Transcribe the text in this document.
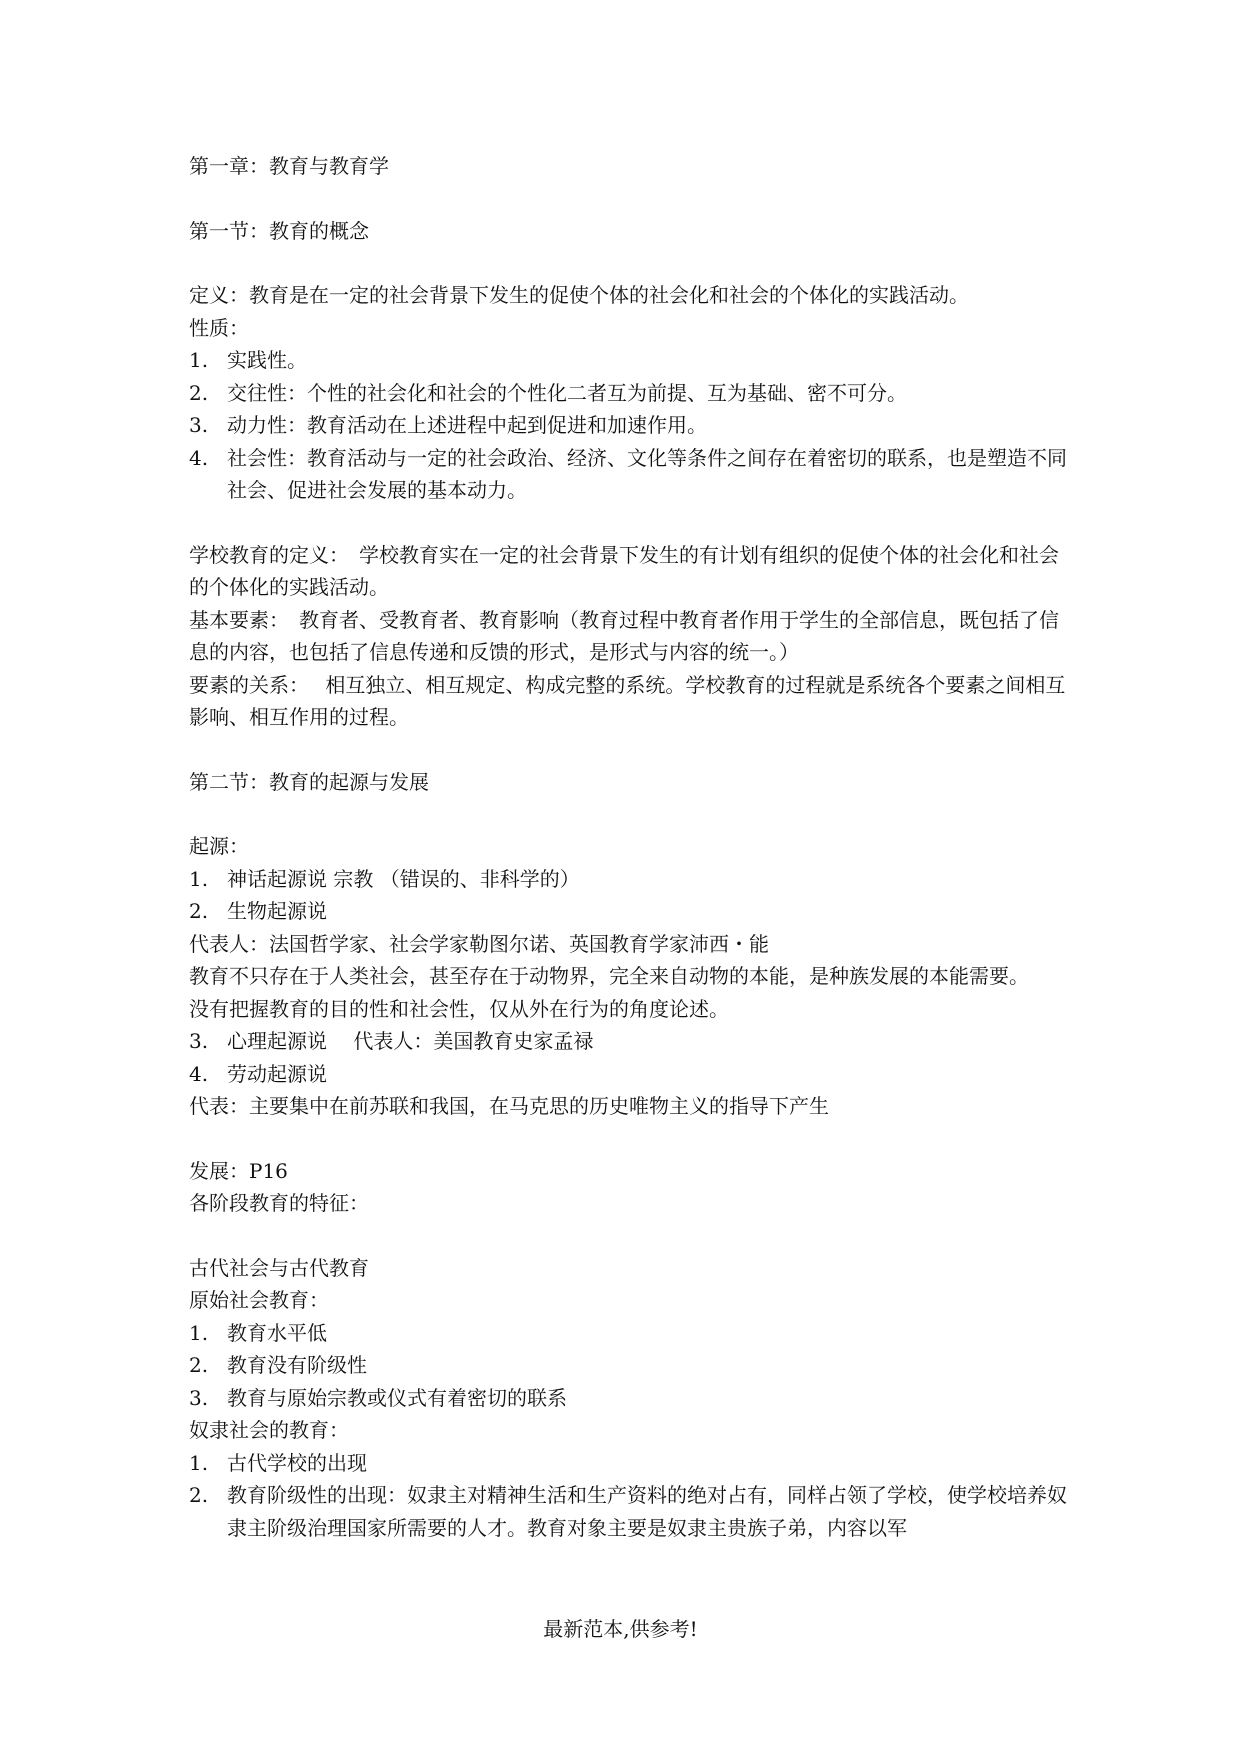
第一章：教育与教育学
第一节：教育的概念
定义：教育是在一定的社会背景下发生的促使个体的社会化和社会的个体化的实践活动。
性质：
1. 实践性。
2. 交往性：个性的社会化和社会的个性化二者互为前提、互为基础、密不可分。
3. 动力性：教育活动在上述进程中起到促进和加速作用。
4. 社会性：教育活动与一定的社会政治、经济、文化等条件之间存在着密切的联系，也是塑造不同社会、促进社会发展的基本动力。
学校教育的定义：　学校教育实在一定的社会背景下发生的有计划有组织的促使个体的社会化和社会的个体化的实践活动。
基本要素：　教育者、受教育者、教育影响（教育过程中教育者作用于学生的全部信息，既包括了信息的内容，也包括了信息传递和反馈的形式，是形式与内容的统一。）
要素的关系：　 相互独立、相互规定、构成完整的系统。学校教育的过程就是系统各个要素之间相互影响、相互作用的过程。
第二节：教育的起源与发展
起源：
1. 神话起源说 宗教 （错误的、非科学的）
2. 生物起源说
代表人：法国哲学家、社会学家勒图尔诺、英国教育学家沛西・能
教育不只存在于人类社会，甚至存在于动物界，完全来自动物的本能，是种族发展的本能需要。
没有把握教育的目的性和社会性，仅从外在行为的角度论述。
3. 心理起源说　 代表人：美国教育史家孟禄
4. 劳动起源说
代表：主要集中在前苏联和我国，在马克思的历史唯物主义的指导下产生
发展：P16
各阶段教育的特征：
古代社会与古代教育
原始社会教育：
1. 教育水平低
2. 教育没有阶级性
3. 教育与原始宗教或仪式有着密切的联系
奴隶社会的教育：
1. 古代学校的出现
2. 教育阶级性的出现：奴隶主对精神生活和生产资料的绝对占有，同样占领了学校，使学校培养奴隶主阶级治理国家所需要的人才。教育对象主要是奴隶主贵族子弟，内容以军
最新范本,供参考!
